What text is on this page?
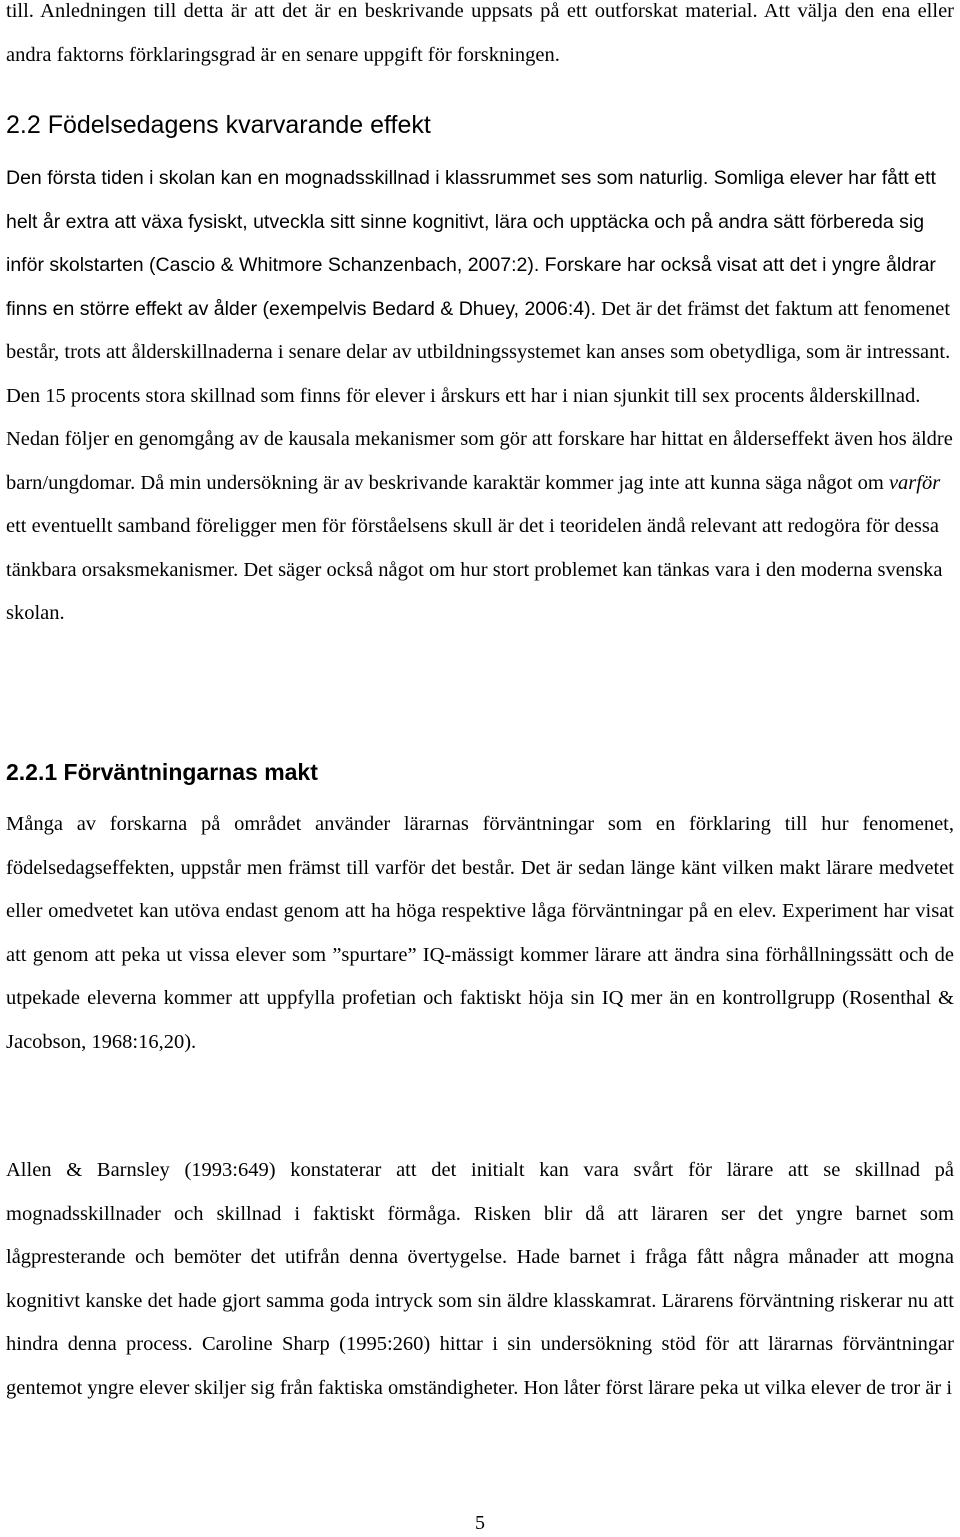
till. Anledningen till detta är att det är en beskrivande uppsats på ett outforskat material. Att välja den ena eller andra faktorns förklaringsgrad är en senare uppgift för forskningen.

2.2 Födelsedagens kvarvarande effekt

Den första tiden i skolan kan en mognadsskillnad i klassrummet ses som naturlig. Somliga elever har fått ett helt år extra att växa fysiskt, utveckla sitt sinne kognitivt, lära och upptäcka och på andra sätt förbereda sig inför skolstarten (Cascio & Whitmore Schanzenbach, 2007:2). Forskare har också visat att det i yngre åldrar finns en större effekt av ålder (exempelvis Bedard & Dhuey, 2006:4). Det är det främst det faktum att fenomenet består, trots att ålderskillnaderna i senare delar av utbildningssystemet kan anses som obetydliga, som är intressant. Den 15 procents stora skillnad som finns för elever i årskurs ett har i nian sjunkit till sex procents ålderskillnad. Nedan följer en genomgång av de kausala mekanismer som gör att forskare har hittat en ålderseffekt även hos äldre barn/ungdomar. Då min undersökning är av beskrivande karaktär kommer jag inte att kunna säga något om varför ett eventuellt samband föreligger men för förståelsens skull är det i teoridelen ändå relevant att redogöra för dessa tänkbara orsaksmekanismer. Det säger också något om hur stort problemet kan tänkas vara i den moderna svenska skolan.

2.2.1 Förväntningarnas makt

Många av forskarna på området använder lärarnas förväntningar som en förklaring till hur fenomenet, födelsedagseffekten, uppstår men främst till varför det består. Det är sedan länge känt vilken makt lärare medvetet eller omedvetet kan utöva endast genom att ha höga respektive låga förväntningar på en elev. Experiment har visat att genom att peka ut vissa elever som ”spurtare” IQ-mässigt kommer lärare att ändra sina förhållningssätt och de utpekade eleverna kommer att uppfylla profetian och faktiskt höja sin IQ mer än en kontrollgrupp (Rosenthal & Jacobson, 1968:16,20).

Allen & Barnsley (1993:649) konstaterar att det initialt kan vara svårt för lärare att se skillnad på mognadsskillnader och skillnad i faktiskt förmåga. Risken blir då att läraren ser det yngre barnet som lågpresterande och bemöter det utifrån denna övertygelse. Hade barnet i fråga fått några månader att mogna kognitivt kanske det hade gjort samma goda intryck som sin äldre klasskamrat. Lärarens förväntning riskerar nu att hindra denna process. Caroline Sharp (1995:260) hittar i sin undersökning stöd för att lärarnas förväntningar gentemot yngre elever skiljer sig från faktiska omständigheter. Hon låter först lärare peka ut vilka elever de tror är i

5
